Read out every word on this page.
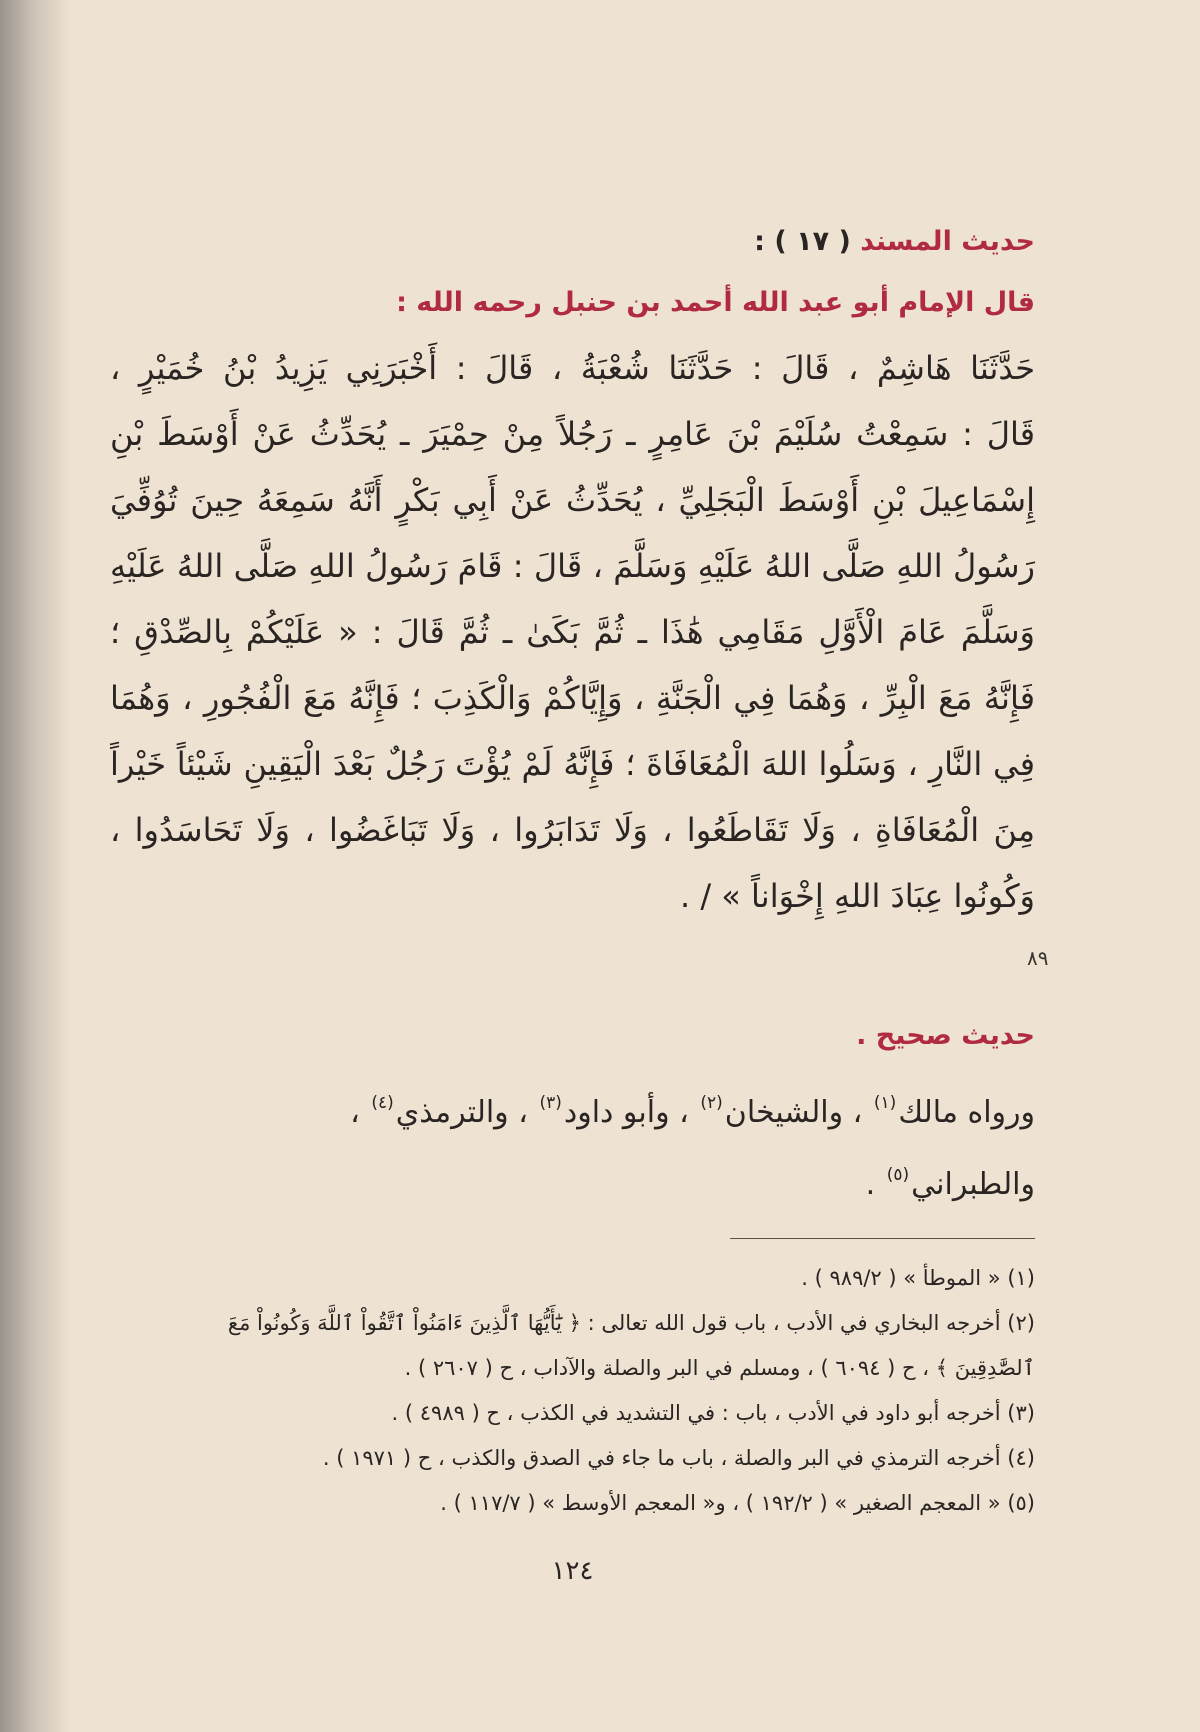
حديث المسند ( ١٧ ) :
قال الإمام أبو عبد الله أحمد بن حنبل رحمه الله :
حَدَّثَنَا هَاشِمٌ ، قَالَ : حَدَّثَنَا شُعْبَةُ ، قَالَ : أَخْبَرَنِي يَزِيدُ بْنُ خُمَيْرٍ ،
قَالَ : سَمِعْتُ سُلَيْمَ بْنَ عَامِرٍ ـ رَجُلاً مِنْ حِمْيَرَ ـ يُحَدِّثُ عَنْ أَوْسَطَ بْنِ
إِسْمَاعِيلَ بْنِ أَوْسَطَ الْبَجَلِيِّ ، يُحَدِّثُ عَنْ أَبِي بَكْرٍ أَنَّهُ سَمِعَهُ حِينَ تُوُفِّيَ
رَسُولُ اللهِ صَلَّى اللهُ عَلَيْهِ وَسَلَّمَ ، قَالَ : قَامَ رَسُولُ اللهِ صَلَّى اللهُ عَلَيْهِ
وَسَلَّمَ عَامَ الْأَوَّلِ مَقَامِي هَٰذَا ـ ثُمَّ بَكَىٰ ـ ثُمَّ قَالَ : « عَلَيْكُمْ بِالصِّدْقِ ؛
فَإِنَّهُ مَعَ الْبِرِّ ، وَهُمَا فِي الْجَنَّةِ ، وَإِيَّاكُمْ وَالْكَذِبَ ؛ فَإِنَّهُ مَعَ الْفُجُورِ ، وَهُمَا
فِي النَّارِ ، وَسَلُوا اللهَ الْمُعَافَاةَ ؛ فَإِنَّهُ لَمْ يُؤْتَ رَجُلٌ بَعْدَ الْيَقِينِ شَيْئاً خَيْراً
مِنَ الْمُعَافَاةِ ، وَلَا تَقَاطَعُوا ، وَلَا تَدَابَرُوا ، وَلَا تَبَاغَضُوا ، وَلَا تَحَاسَدُوا ،
وَكُونُوا عِبَادَ اللهِ إِخْوَاناً » / .
حديث صحيح .
ورواه مالك$^{(١)}$ ، والشيخان$^{(٢)}$ ، وأبو داود$^{(٣)}$ ، والترمذي$^{(٤)}$ ،
والطبراني$^{(٥)}$ .
(١) « الموطأ » ( ٩٨٩/٢ ) .
(٢) أخرجه البخاري في الأدب ، باب قول الله تعالى : ﴿ يَٰٓأَيُّهَا ٱلَّذِينَ ءَامَنُواْ ٱتَّقُواْ ٱللَّهَ وَكُونُواْ مَعَ
ٱلصَّٰدِقِينَ ﴾ ، ح ( ٦٠٩٤ ) ، ومسلم في البر والصلة والآداب ، ح ( ٢٦٠٧ ) .
(٣) أخرجه أبو داود في الأدب ، باب : في التشديد في الكذب ، ح ( ٤٩٨٩ ) .
(٤) أخرجه الترمذي في البر والصلة ، باب ما جاء في الصدق والكذب ، ح ( ١٩٧١ ) .
(٥) « المعجم الصغير » ( ١٩٢/٢ ) ، و« المعجم الأوسط » ( ١١٧/٧ ) .
١٢٤
٨٩
